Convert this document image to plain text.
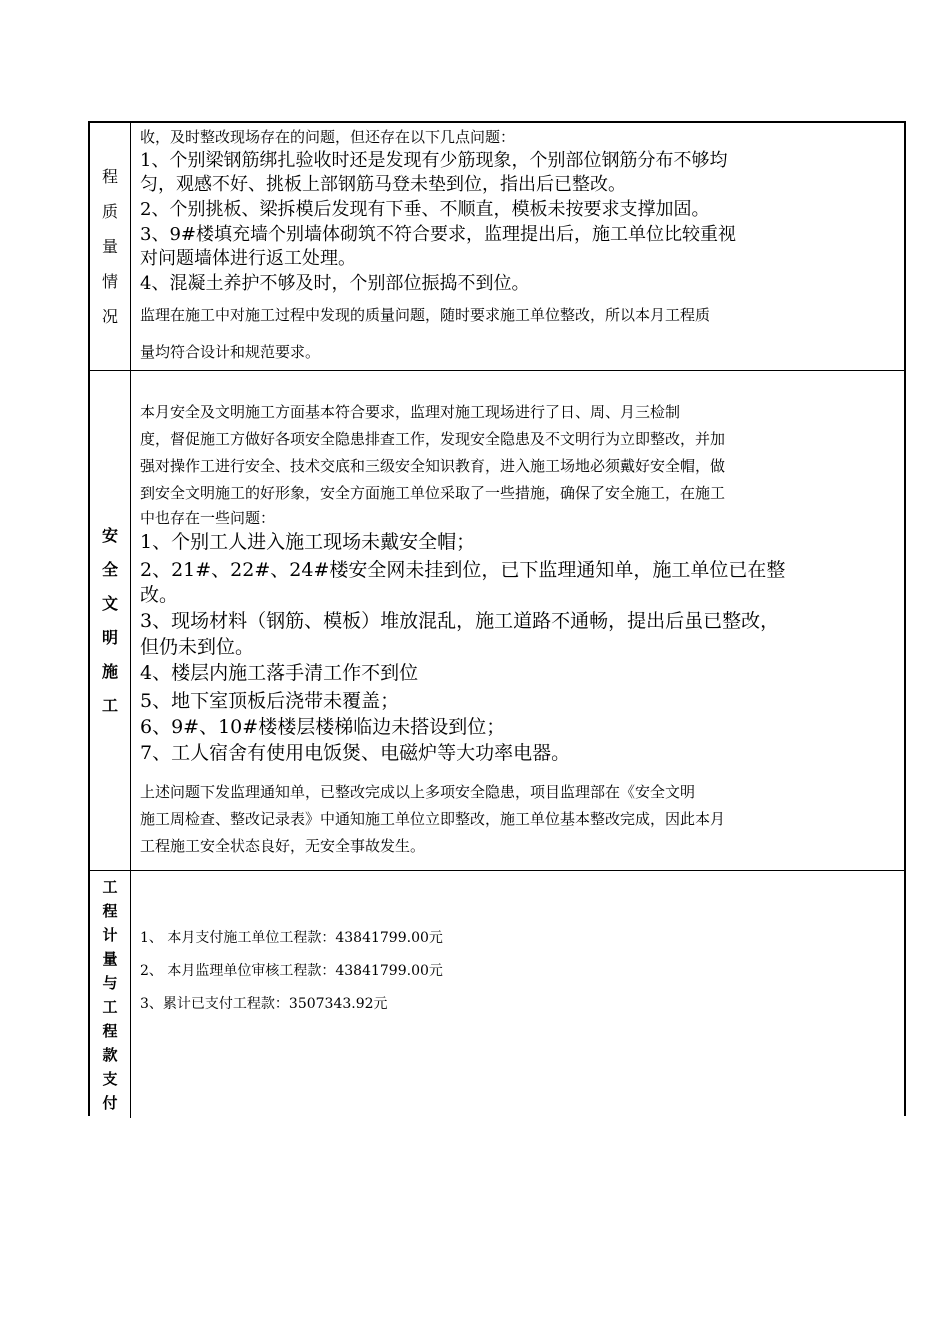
程
质
量
情
况

收，及时整改现场存在的问题，但还存在以下几点问题：

1、个别梁钢筋绑扎验收时还是发现有少筋现象，个别部位钢筋分布不够均

匀，观感不好、挑板上部钢筋马登未垫到位，指出后已整改。

2、个别挑板、梁拆模后发现有下垂、不顺直，模板未按要求支撑加固。

3、9#楼填充墙个别墙体砌筑不符合要求，监理提出后，施工单位比较重视

对问题墙体进行返工处理。

4、混凝土养护不够及时，个别部位振捣不到位。

监理在施工中对施工过程中发现的质量问题，随时要求施工单位整改，所以本月工程质

量均符合设计和规范要求。

安
全
文
明
施
工

本月安全及文明施工方面基本符合要求，监理对施工现场进行了日、周、月三检制

度，督促施工方做好各项安全隐患排查工作，发现安全隐患及不文明行为立即整改，并加

强对操作工进行安全、技术交底和三级安全知识教育，进入施工场地必须戴好安全帽，做

到安全文明施工的好形象，安全方面施工单位采取了一些措施，确保了安全施工，在施工

中也存在一些问题：

1、个别工人进入施工现场未戴安全帽；

2、21#、22#、24#楼安全网未挂到位，已下监理通知单，施工单位已在整

改。

3、现场材料（钢筋、模板）堆放混乱，施工道路不通畅，提出后虽已整改，

但仍未到位。

4、楼层内施工落手清工作不到位

5、地下室顶板后浇带未覆盖；

6、9#、10#楼楼层楼梯临边未搭设到位；

7、工人宿舍有使用电饭煲、电磁炉等大功率电器。

上述问题下发监理通知单，已整改完成以上多项安全隐患，项目监理部在《安全文明

施工周检查、整改记录表》中通知施工单位立即整改，施工单位基本整改完成，因此本月

工程施工安全状态良好，无安全事故发生。

工
程
计
量
与
工
程
款
支
付

1、 本月支付施工单位工程款：43841799.00元

2、 本月监理单位审核工程款：43841799.00元

3、累计已支付工程款：3507343.92元
